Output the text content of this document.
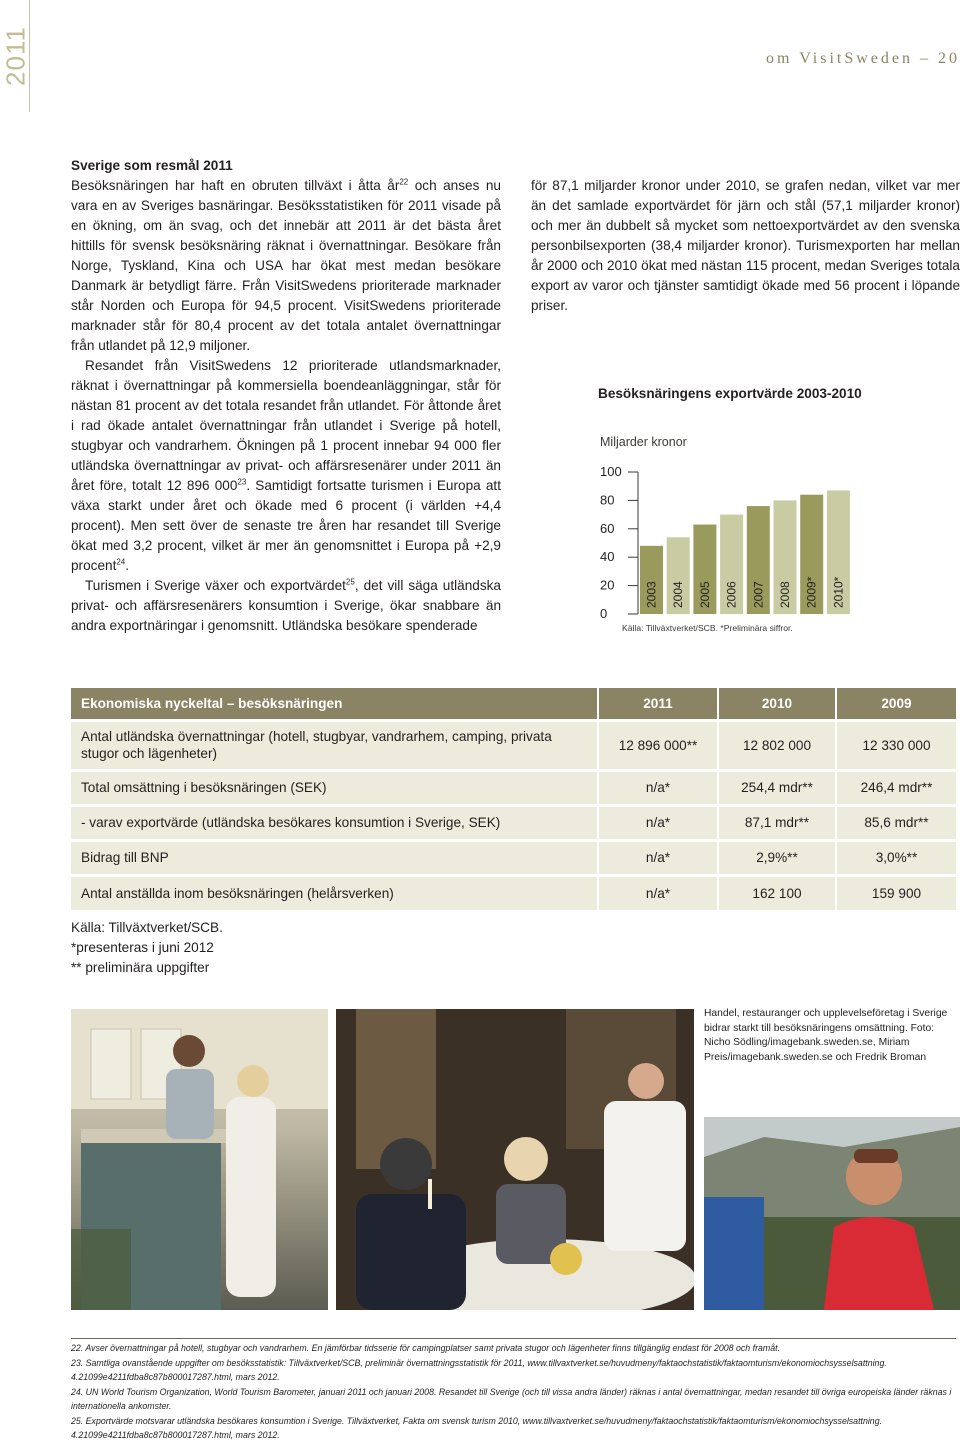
2011	om VisitSweden – 20

Sverige som resmål 2011

Besöksnäringen har haft en obruten tillväxt i åtta $år^{22}$ och anses nu vara en av Sveriges basnäringar. Besöksstatistiken för 2011 visade på en ökning, om än svag, och det innebär att 2011 är det bästa året hittills för svensk besöksnäring räknat i övernattningar. Besökare från Norge, Tyskland, Kina och USA har ökat mest medan besökare Danmark är betydligt färre. Från VisitSwedens prioriterade marknader står Norden och Europa för 94,5 procent. VisitSwedens prioriterade marknader står för 80,4 procent av det totala antalet övernattningar från utlandet på 12,9 miljoner.

Resandet från VisitSwedens 12 prioriterade utlandsmarknader, räknat i övernattningar på kommersiella boendeanläggningar, står för nästan 81 procent av det totala resandet från utlandet. För åttonde året i rad ökade antalet övernattningar från utlandet i Sverige på hotell, stugbyar och vandrarhem. Ökningen på 1 procent innebar 94 000 fler utländska övernattningar av privat- och affärsresenärer under 2011 än året före, totalt 12 896 $000^{23}$. Samtidigt fortsatte turismen i Europa att växa starkt under året och ökade med 6 procent (i världen +4,4 procent). Men sett över de senaste tre åren har resandet till Sverige ökat med 3,2 procent, vilket är mer än genomsnittet i Europa på +2,9 procent$^{24}$.

Turismen i Sverige växer och exportvärdet$^{25}$, det vill säga utländska privat- och affärsresenärers konsumtion i Sverige, ökar snabbare än andra exportnäringar i genomsnitt. Utländska besökare spenderade

för 87,1 miljarder kronor under 2010, se grafen nedan, vilket var mer än det samlade exportvärdet för järn och stål (57,1 miljarder kronor) och mer än dubbelt så mycket som nettoexportvärdet av den svenska personbilsexporten (38,4 miljarder kronor). Turismexporten har mellan år 2000 och 2010 ökat med nästan 115 procent, medan Sveriges totala export av varor och tjänster samtidigt ökade med 56 procent i löpande priser.

Besöksnäringens exportvärde 2003-2010
Miljarder kronor
0
20
40
60
80
100
2003 2004 2005 2006 2007 2008 2009* 2010*
Källa: Tillväxtverket/SCB. *Preliminära siffror.
Ekonomiska nyckeltal – besöksnäringen	2011	2010	2009
Antal utländska övernattningar (hotell, stugbyar, vandrarhem, camping, privata stugor och lägenheter)	12 896 000**	12 802 000	12 330 000
Total omsättning i besöksnäringen (SEK)	n/a*	254,4 mdr**	246,4 mdr**
- varav exportvärde (utländska besökares konsumtion i Sverige, SEK)	n/a*	87,1 mdr**	85,6 mdr**
Bidrag till BNP	n/a*	2,9%**	3,0%**
Antal anställda inom besöksnäringen (helårsverken)	n/a*	162 100	159 900
Källa: Tillväxtverket/SCB.
*presenteras i juni 2012
** preliminära uppgifter
Handel, restauranger och upplevelseföretag i Sverige bidrar starkt till besöksnäringens omsättning. Foto: Nicho Södling/imagebank.sweden.se, Miriam Preis/imagebank.sweden.se och Fredrik Broman
22. Avser övernattningar på hotell, stugbyar och vandrarhem. En jämförbar tidsserie för campingplatser samt privata stugor och lägenheter finns tillgänglig endast för 2008 och framåt.
23. Samtliga ovanstående uppgifter om besöksstatistik: Tillväxtverket/SCB, preliminär övernattningsstatistik för 2011, www.tillvaxtverket.se/huvudmeny/faktaochstatistik/faktaomturism/ekonomiochsysselsattning. 4.21099e4211fdba8c87b800017287.html, mars 2012.
24. UN World Tourism Organization, World Tourism Barometer, januari 2011 och januari 2008. Resandet till Sverige (och till vissa andra länder) räknas i antal övernattningar, medan resandet till övriga europeiska länder räknas i internationella ankomster.
25. Exportvärde motsvarar utländska besökares konsumtion i Sverige. Tillväxtverket, Fakta om svensk turism 2010, www.tillvaxtverket.se/huvudmeny/faktaochstatistik/faktaomturism/ekonomiochsysselsattning. 4.21099e4211fdba8c87b800017287.html, mars 2012.
